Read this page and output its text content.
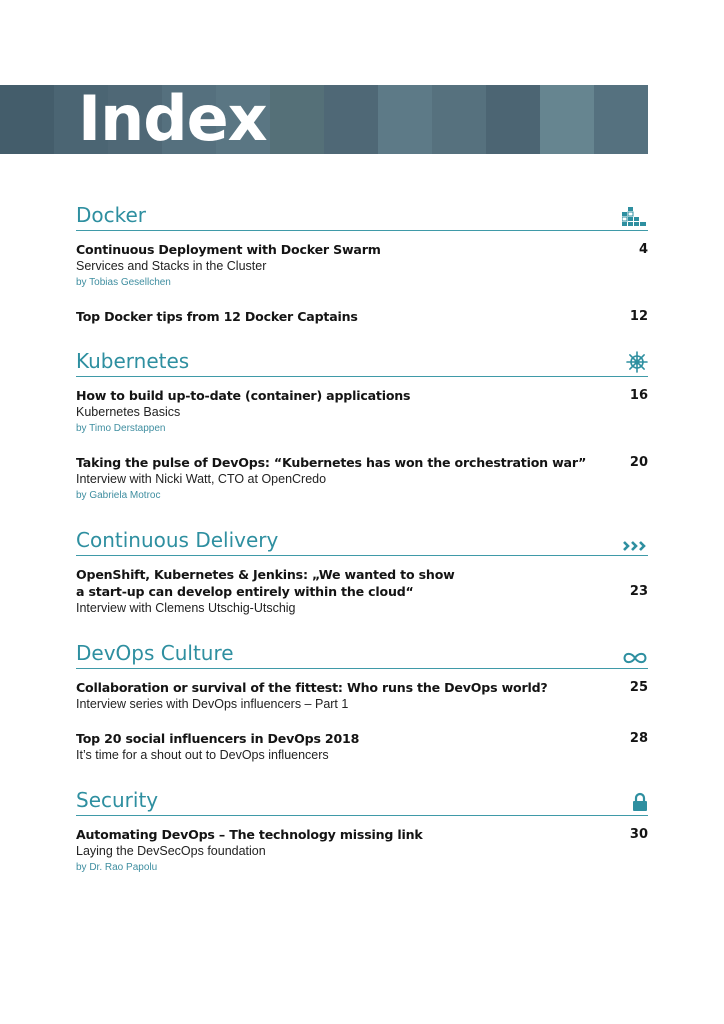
Index
Docker
Continuous Deployment with Docker Swarm
Services and Stacks in the Cluster
by Tobias Gesellchen
4
Top Docker tips from 12 Docker Captains	12
Kubernetes
How to build up-to-date (container) applications
Kubernetes Basics
by Timo Derstappen
16
Taking the pulse of DevOps: “Kubernetes has won the orchestration war”
Interview with Nicki Watt, CTO at OpenCredo
by Gabriela Motroc
20
Continuous Delivery
OpenShift, Kubernetes & Jenkins: „We wanted to show
a start-up can develop entirely within the cloud“
Interview with Clemens Utschig-Utschig
23
DevOps Culture
Collaboration or survival of the fittest: Who runs the DevOps world?
Interview series with DevOps influencers – Part 1
25
Top 20 social influencers in DevOps 2018
It’s time for a shout out to DevOps influencers
28
Security
Automating DevOps – The technology missing link
Laying the DevSecOps foundation
by Dr. Rao Papolu
30
